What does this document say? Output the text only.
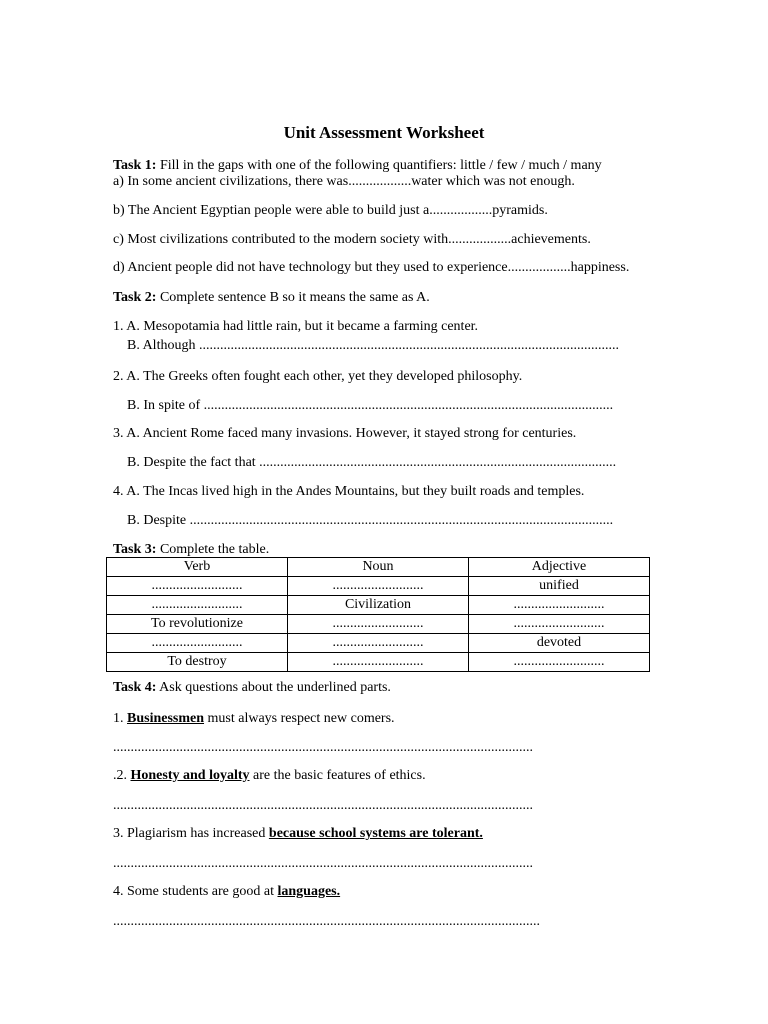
Unit Assessment Worksheet
Task 1: Fill in the gaps with one of the following quantifiers: little / few / much / many
a) In some ancient civilizations, there was..................water which was not enough.
b) The Ancient Egyptian people were able to build just a..................pyramids.
c) Most civilizations contributed to the modern society with..................achievements.
d) Ancient people did not have technology but they used to experience..................happiness.
Task 2: Complete sentence B so it means the same as A.
1. A. Mesopotamia had little rain, but it became a farming center.
B. Although ........................................................................................................................
2. A. The Greeks often fought each other, yet they developed philosophy.
B. In spite of .....................................................................................................................
3. A. Ancient Rome faced many invasions. However, it stayed strong for centuries.
B. Despite the fact that ......................................................................................................
4. A. The Incas lived high in the Andes Mountains, but they built roads and temples.
B. Despite .........................................................................................................................
Task 3: Complete the table.
Verb	Noun	Adjective
..........................	..........................	unified
..........................	Civilization	..........................
To revolutionize	..........................	..........................
..........................	..........................	devoted
To destroy	..........................	..........................
Task 4: Ask questions about the underlined parts.
1. Businessmen must always respect new comers.
........................................................................................................................
.2. Honesty and loyalty are the basic features of ethics.
........................................................................................................................
3. Plagiarism has increased because school systems are tolerant.
........................................................................................................................
4. Some students are good at languages.
..........................................................................................................................
